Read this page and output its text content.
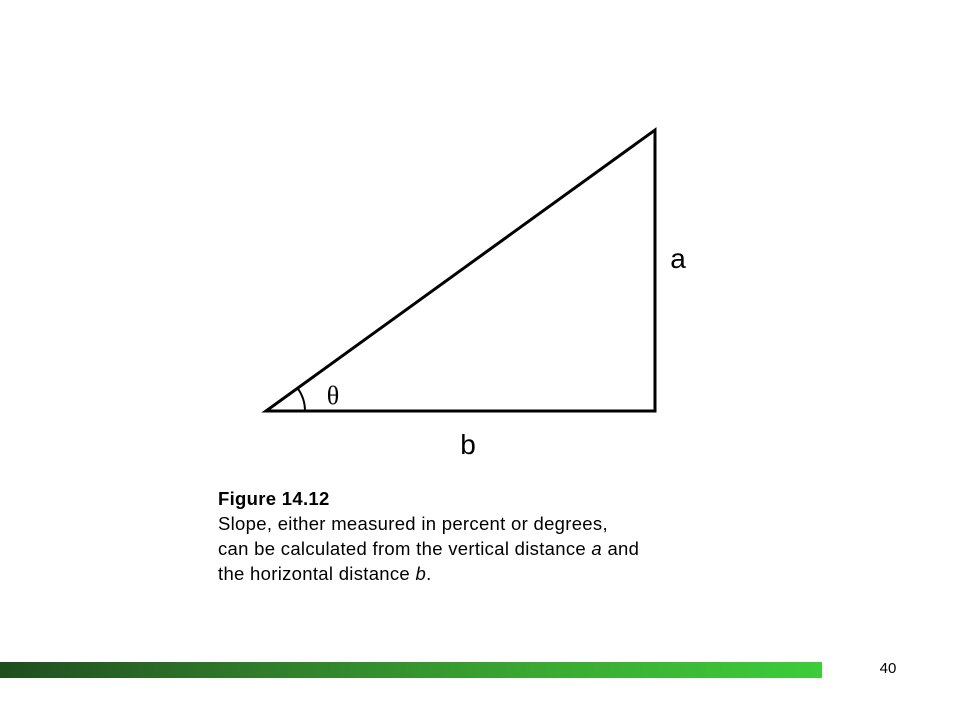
θ
a
b
Figure 14.12
Slope, either measured in percent or degrees,
can be calculated from the vertical distance a and
the horizontal distance b.
40
